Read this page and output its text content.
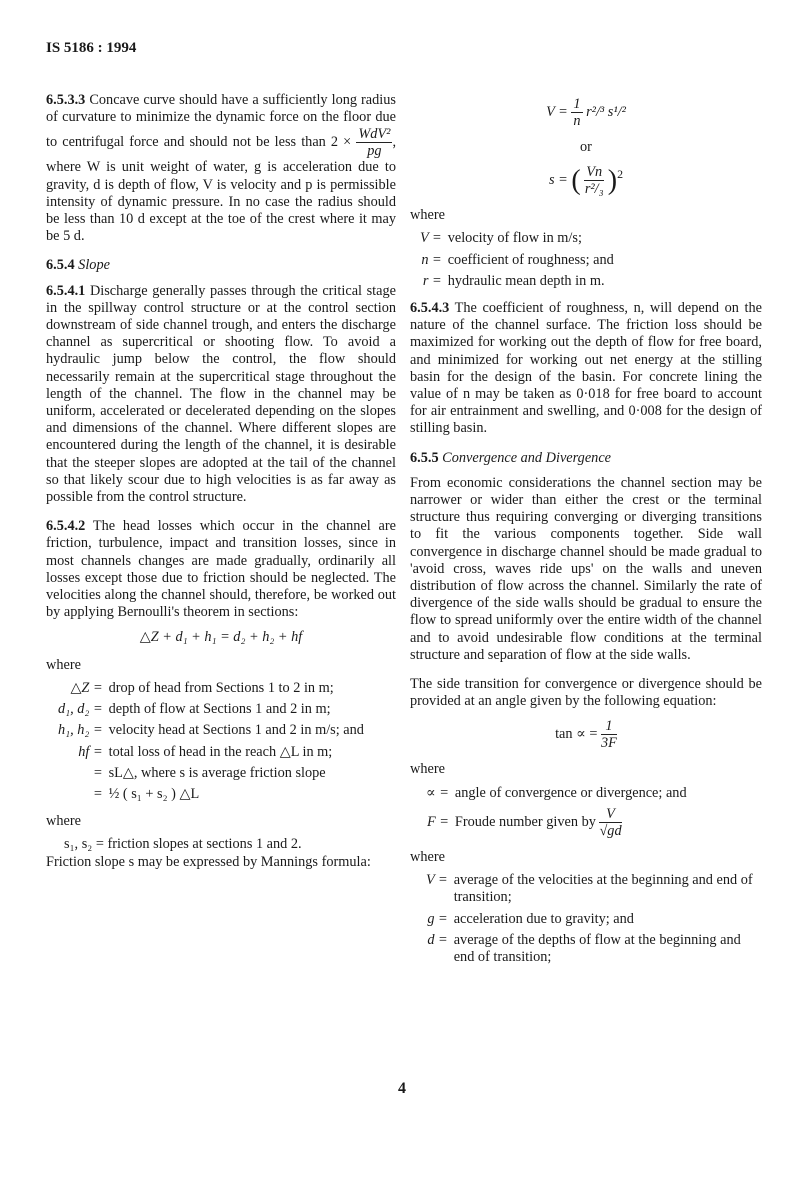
IS 5186 : 1994

6.5.3.3 Concave curve should have a sufficiently long radius of curvature to minimize the dynamic force on the floor due to centrifugal force and should not be less than $2 \times \frac{\text{WdV²}}{pg}$ , where W is unit weight of water, g is acceleration due to gravity, d is depth of flow, V is velocity and p is permissible intensity of dynamic pressure. In no case the radius should be less than 10 d except at the toe of the crest where it may be 5 d.

6.5.4 Slope

6.5.4.1 Discharge generally passes through the critical stage in the spillway control structure or at the control section downstream of side channel trough, and enters the discharge channel as supercritical or shooting flow. To avoid a hydraulic jump below the control, the flow should necessarily remain at the supercritical stage throughout the length of the channel. The flow in the channel may be uniform, accelerated or decelerated depending on the slopes and dimensions of the channel. Where different slopes are encountered during the length of the channel, it is desirable that the steeper slopes are adopted at the tail of the channel so that likely scour due to high velocities is as far away as possible from the control structure.

6.5.4.2 The head losses which occur in the channel are friction, turbulence, impact and transition losses, since in most channels changes are made gradually, ordinarily all losses except those due to friction should be neglected. The velocities along the channel should, therefore, be worked out by applying Bernoulli's theorem in sections:

△Z + d₁ + h₁ = d₂ + h₂ + hf
where
△Z = drop of head from Sections 1 to 2 in m;
d₁, d₂ = depth of flow at Sections 1 and 2 in m;
h₁, h₂ = velocity head at Sections 1 and 2 in m/s; and
hf = total loss of head in the reach △L in m;
= sL△, where s is average friction slope
= ½ ( s₁ + s₂ ) △L
where
s₁, s₂ = friction slopes at sections 1 and 2.
Friction slope s may be expressed by Mannings formula:
$V = \frac{1}{n} r^2/^3$ s¹/²
or
s = ( $\frac{Vn}{\text{r²/₃}} )^2$
where
V = velocity of flow in m/s;
n = coefficient of roughness; and
r = hydraulic mean depth in m.

6.5.4.3 The coefficient of roughness, n, will depend on the nature of the channel surface. The friction loss should be maximized for working out the depth of flow for free board, and minimized for working out net energy at the stilling basin for the design of the basin. For concrete lining the value of n may be taken as 0·018 for free board to account for air entrainment and swelling, and 0·008 for the design of stilling basin.

6.5.5 Convergence and Divergence

From economic considerations the channel section may be narrower or wider than either the crest or the terminal structure thus requiring converging or diverging transitions to fit the various components together. Side wall convergence in discharge channel should be made gradual to 'avoid cross, waves ride ups' on the walls and uneven distribution of flow across the channel. Similarly the rate of divergence of the side walls should be gradual to ensure the flow to spread uniformly over the entire width of the channel and to avoid undesirable flow conditions at the terminal structure and separation of flow at the side walls.

The side transition for convergence or divergence should be provided at an angle given by the following equation:

tan ∝ = $\frac{1}{3F}$
where
∝ = angle of convergence or divergence; and
F = Froude number given by $\frac{V}{√gd}$
where
V = average of the velocities at the beginning and end of transition;
g = acceleration due to gravity; and
d = average of the depths of flow at the beginning and end of transition;
4
